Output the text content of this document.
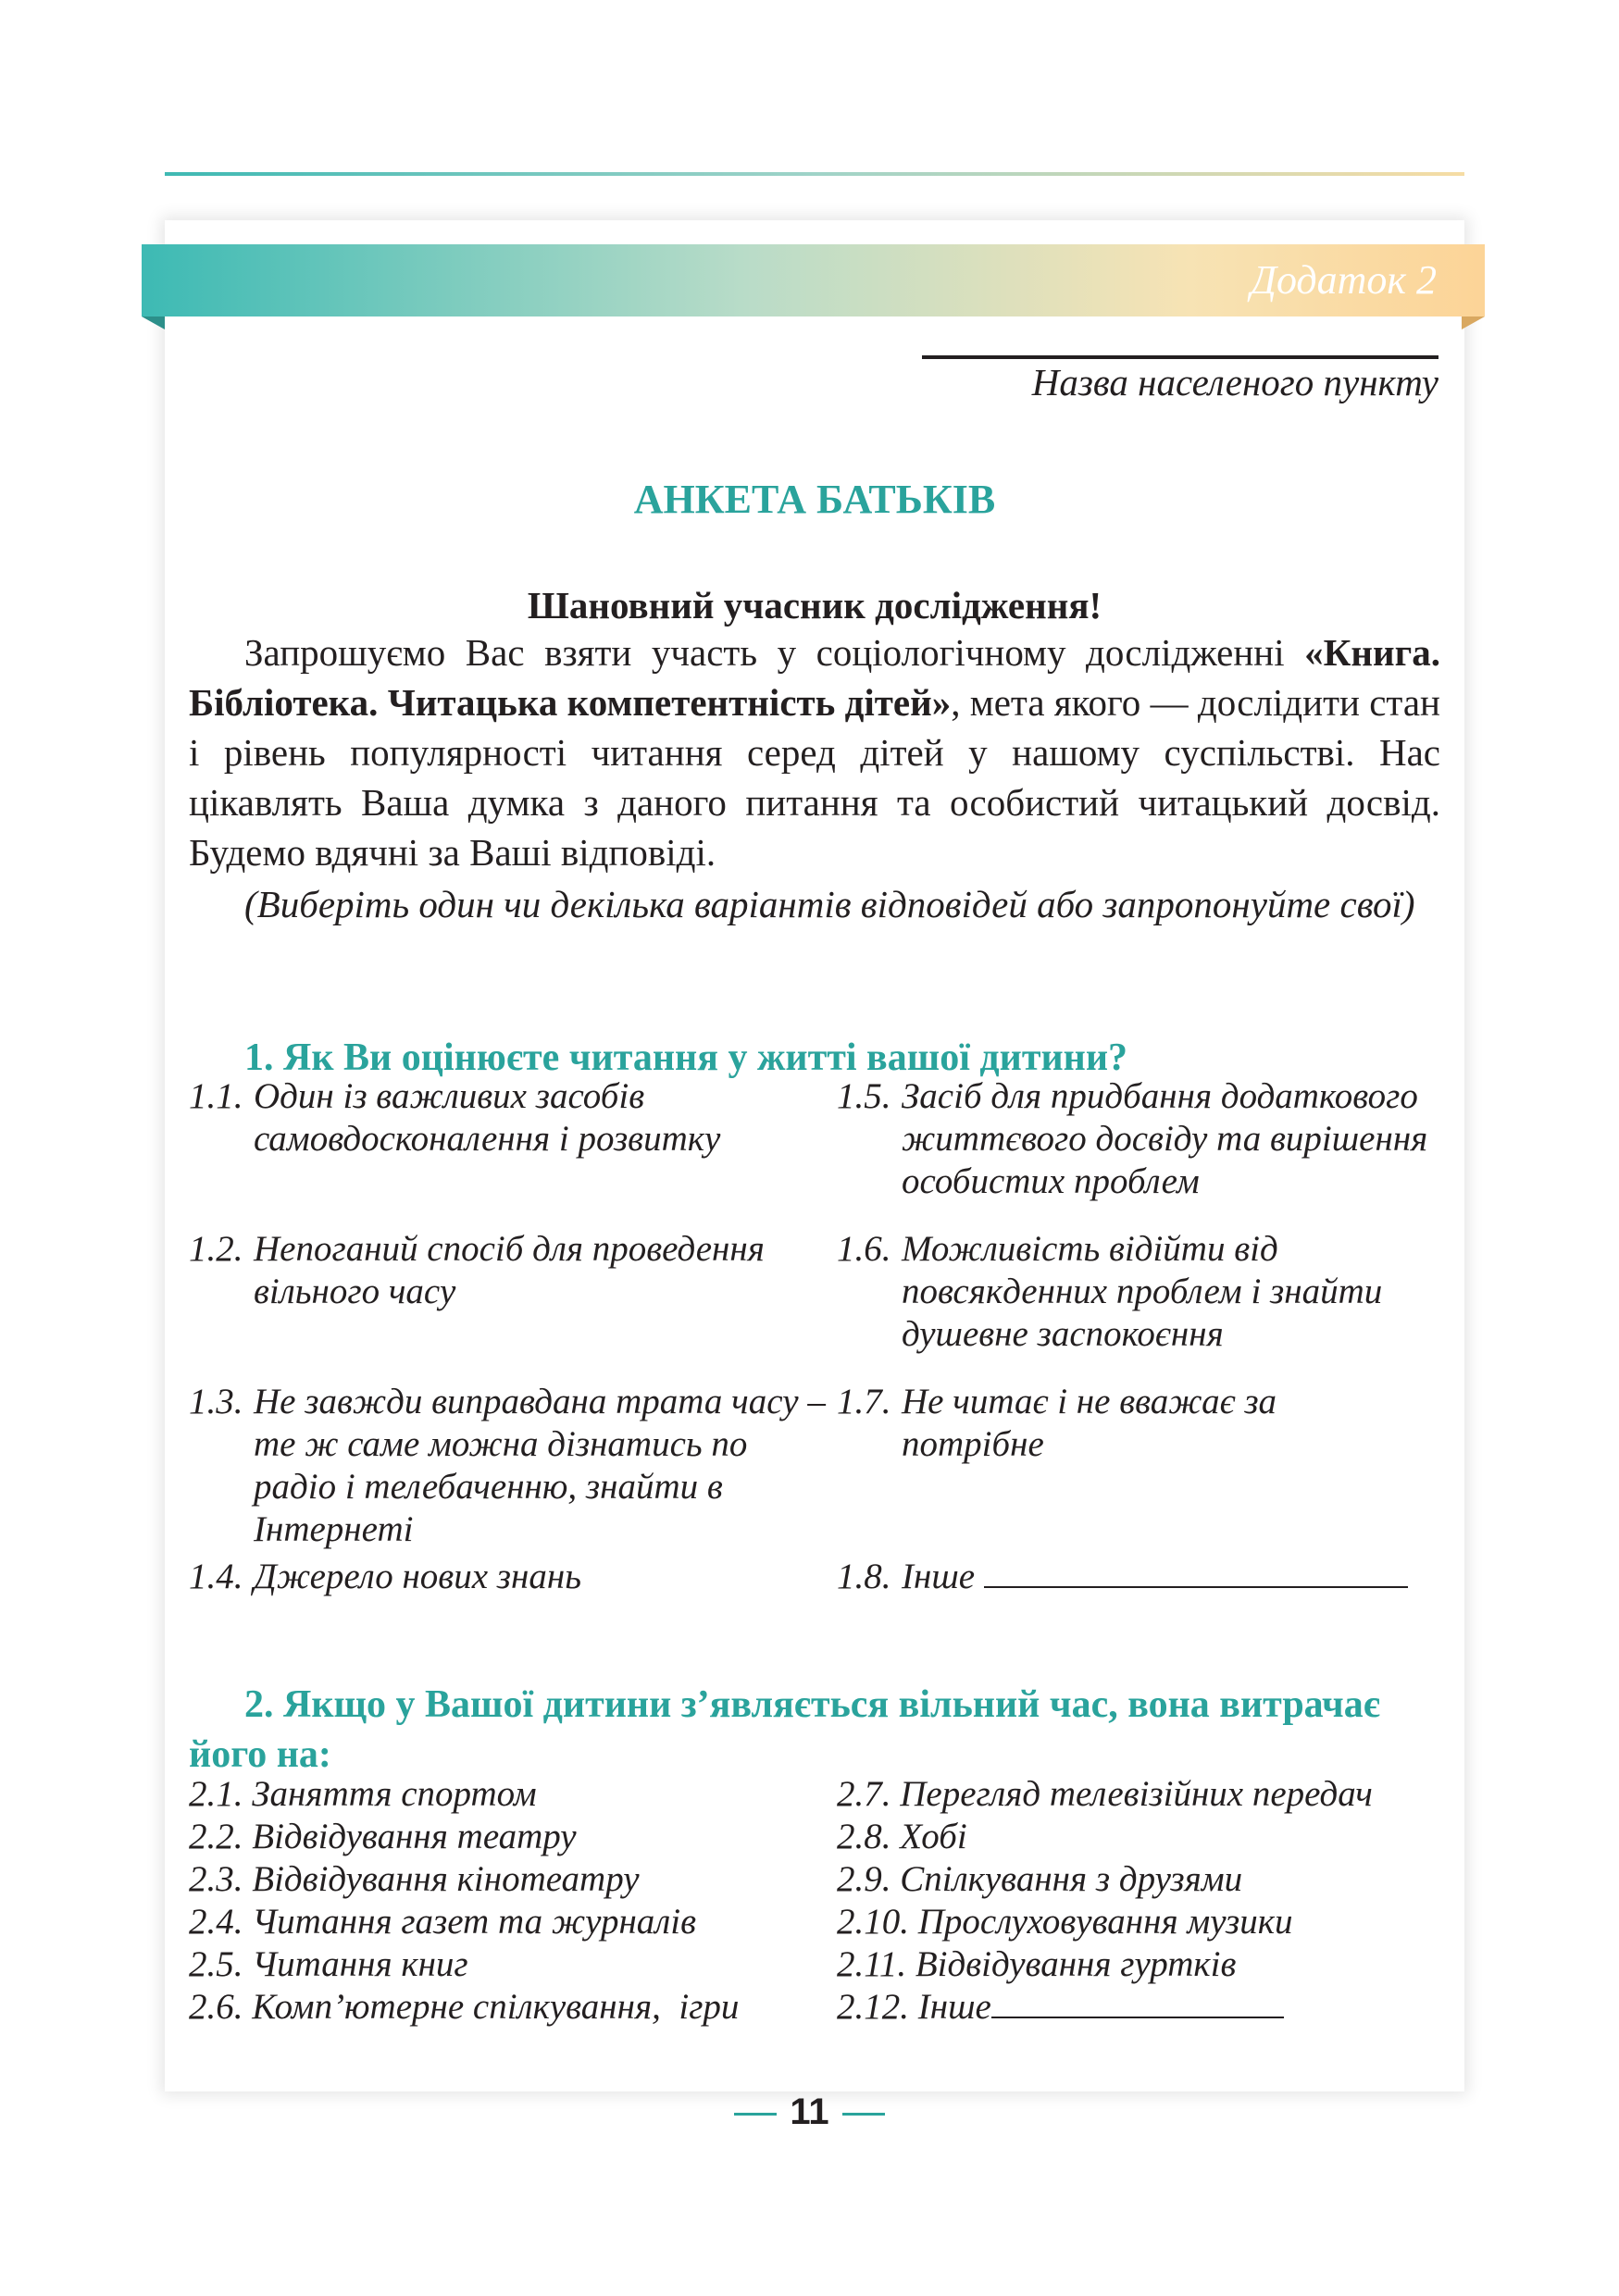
Додаток 2
Назва населеного пункту
АНКЕТА БАТЬКІВ
Шановний учасник дослідження!

Запрошуємо Вас взяти участь у соціологічному дослідженні «Книга. Бібліотека. Читацька компетентність дітей», мета якого — дослідити стан і рівень популярності читання серед дітей у нашому суспільстві. Нас цікавлять Ваша думка з даного питання та особистий читацький досвід. Будемо вдячні за Ваші відповіді.

(Виберіть один чи декілька варіантів відповідей або запропонуйте свої)

1. Як Ви оцінюєте читання у житті вашої дитини?

1.1. Один із важливих засобів самовдосконалення і розвитку
1.2. Непоганий спосіб для проведення вільного часу
1.3. Не завжди виправдана трата часу – те ж саме можна дізнатись по радіо і телебаченню, знайти в Інтернеті
1.4. Джерело нових знань
1.5. Засіб для придбання додаткового життєвого досвіду та вирішення особистих проблем
1.6. Можливість відійти від повсякденних проблем і знайти душевне заспокоєння
1.7. Не читає і не вважає за потрібне
1.8. Інше

2. Якщо у Вашої дитини з’являється вільний час, вона витрачає його на:

2.1. Заняття спортом
2.2. Відвідування театру
2.3. Відвідування кінотеатру
2.4. Читання газет та журналів
2.5. Читання книг
2.6. Комп’ютерне спілкування,  ігри
2.7. Перегляд телевізійних передач
2.8. Хобі
2.9. Спілкування з друзями
2.10. Прослуховування музики
2.11. Відвідування гуртків
2.12. Інше
11
